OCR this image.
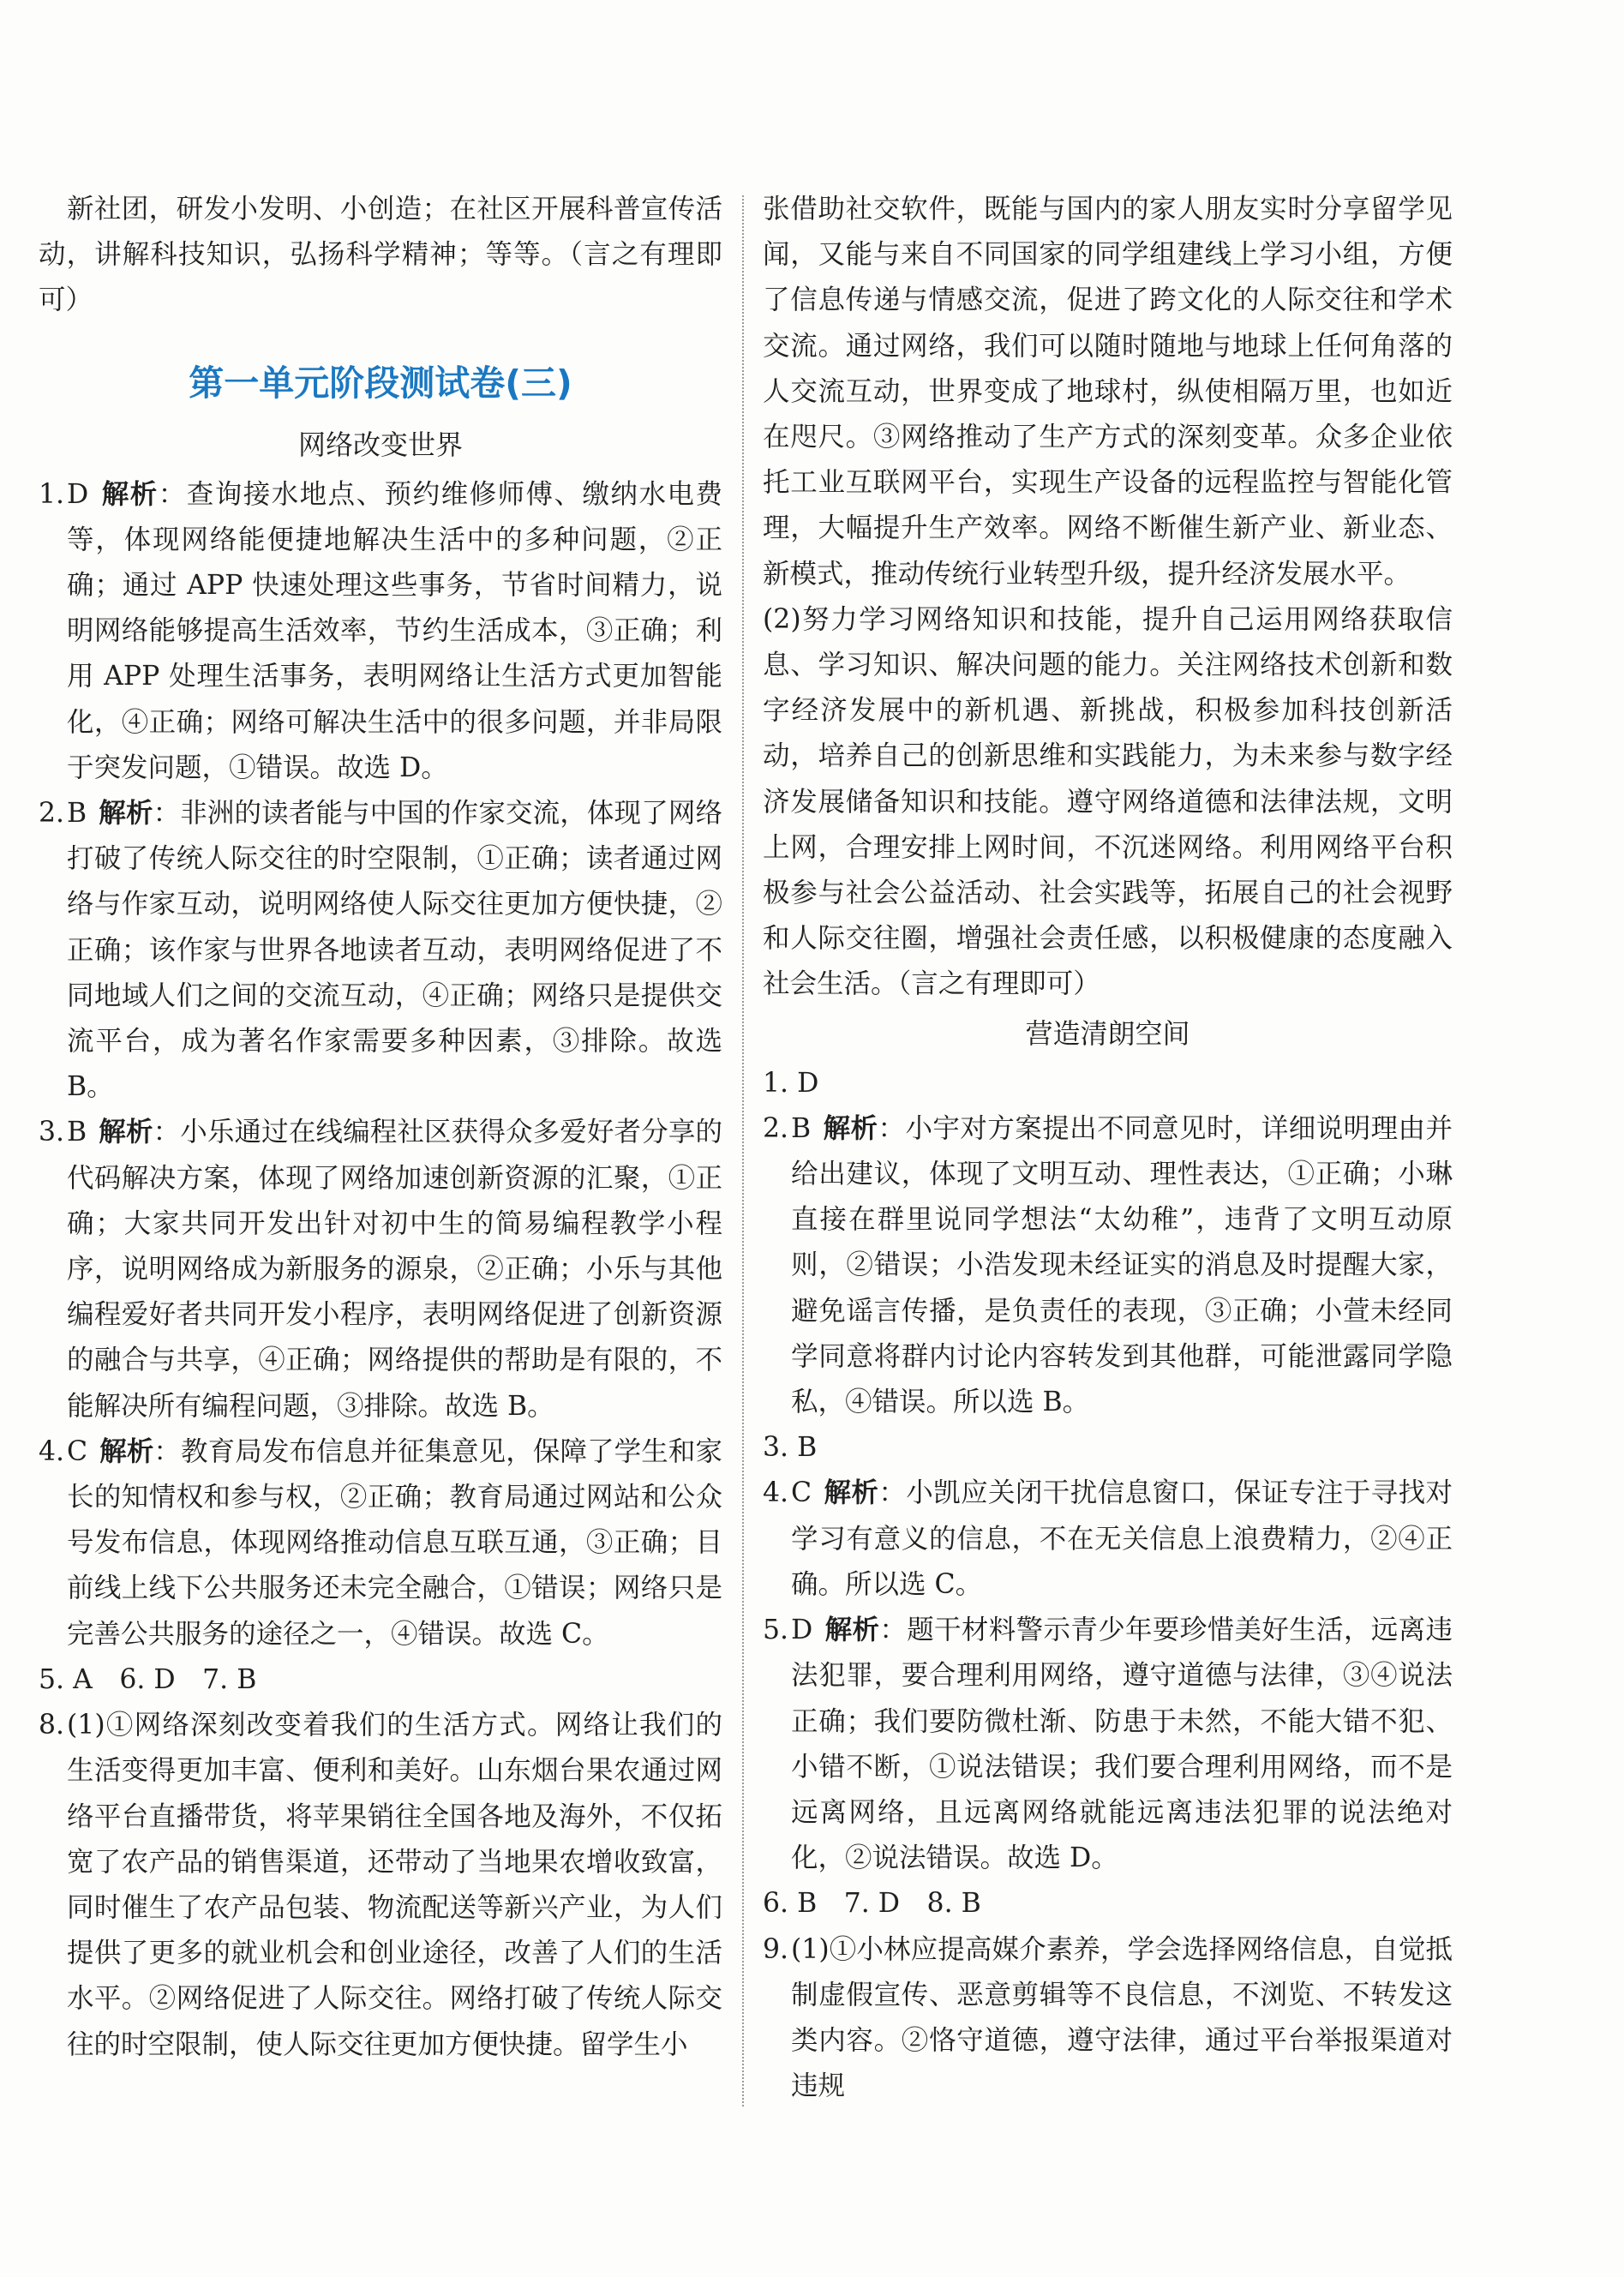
新社团，研发小发明、小创造；在社区开展科普宣传活动，讲解科技知识，弘扬科学精神；等等。（言之有理即可）

第一单元阶段测试卷(三)
网络改变世界

1.D 解析：查询接水地点、预约维修师傅、缴纳水电费等，体现网络能便捷地解决生活中的多种问题，②正确；通过 APP 快速处理这些事务，节省时间精力，说明网络能够提高生活效率，节约生活成本，③正确；利用 APP 处理生活事务，表明网络让生活方式更加智能化，④正确；网络可解决生活中的很多问题，并非局限于突发问题，①错误。故选 D。

2.B 解析：非洲的读者能与中国的作家交流，体现了网络打破了传统人际交往的时空限制，①正确；读者通过网络与作家互动，说明网络使人际交往更加方便快捷，②正确；该作家与世界各地读者互动，表明网络促进了不同地域人们之间的交流互动，④正确；网络只是提供交流平台，成为著名作家需要多种因素，③排除。故选 B。

3.B 解析：小乐通过在线编程社区获得众多爱好者分享的代码解决方案，体现了网络加速创新资源的汇聚，①正确；大家共同开发出针对初中生的简易编程教学小程序，说明网络成为新服务的源泉，②正确；小乐与其他编程爱好者共同开发小程序，表明网络促进了创新资源的融合与共享，④正确；网络提供的帮助是有限的，不能解决所有编程问题，③排除。故选 B。

4.C 解析：教育局发布信息并征集意见，保障了学生和家长的知情权和参与权，②正确；教育局通过网站和公众号发布信息，体现网络推动信息互联互通，③正确；目前线上线下公共服务还未完全融合，①错误；网络只是完善公共服务的途径之一，④错误。故选 C。

5. A　6. D　7. B

8.(1)①网络深刻改变着我们的生活方式。网络让我们的生活变得更加丰富、便利和美好。山东烟台果农通过网络平台直播带货，将苹果销往全国各地及海外，不仅拓宽了农产品的销售渠道，还带动了当地果农增收致富，同时催生了农产品包装、物流配送等新兴产业，为人们提供了更多的就业机会和创业途径，改善了人们的生活水平。②网络促进了人际交往。网络打破了传统人际交往的时空限制，使人际交往更加方便快捷。留学生小

张借助社交软件，既能与国内的家人朋友实时分享留学见闻，又能与来自不同国家的同学组建线上学习小组，方便了信息传递与情感交流，促进了跨文化的人际交往和学术交流。通过网络，我们可以随时随地与地球上任何角落的人交流互动，世界变成了地球村，纵使相隔万里，也如近在咫尺。③网络推动了生产方式的深刻变革。众多企业依托工业互联网平台，实现生产设备的远程监控与智能化管理，大幅提升生产效率。网络不断催生新产业、新业态、新模式，推动传统行业转型升级，提升经济发展水平。

(2)努力学习网络知识和技能，提升自己运用网络获取信息、学习知识、解决问题的能力。关注网络技术创新和数字经济发展中的新机遇、新挑战，积极参加科技创新活动，培养自己的创新思维和实践能力，为未来参与数字经济发展储备知识和技能。遵守网络道德和法律法规，文明上网，合理安排上网时间，不沉迷网络。利用网络平台积极参与社会公益活动、社会实践等，拓展自己的社会视野和人际交往圈，增强社会责任感，以积极健康的态度融入社会生活。（言之有理即可）

营造清朗空间

1. D

2.B 解析：小宇对方案提出不同意见时，详细说明理由并给出建议，体现了文明互动、理性表达，①正确；小琳直接在群里说同学想法“太幼稚”，违背了文明互动原则，②错误；小浩发现未经证实的消息及时提醒大家，避免谣言传播，是负责任的表现，③正确；小萱未经同学同意将群内讨论内容转发到其他群，可能泄露同学隐私，④错误。所以选 B。

3. B

4.C 解析：小凯应关闭干扰信息窗口，保证专注于寻找对学习有意义的信息，不在无关信息上浪费精力，②④正确。所以选 C。

5.D 解析：题干材料警示青少年要珍惜美好生活，远离违法犯罪，要合理利用网络，遵守道德与法律，③④说法正确；我们要防微杜渐、防患于未然，不能大错不犯、小错不断，①说法错误；我们要合理利用网络，而不是远离网络，且远离网络就能远离违法犯罪的说法绝对化，②说法错误。故选 D。

6. B　7. D　8. B

9.(1)①小林应提高媒介素养，学会选择网络信息，自觉抵制虚假宣传、恶意剪辑等不良信息，不浏览、不转发这类内容。②恪守道德，遵守法律，通过平台举报渠道对违规
